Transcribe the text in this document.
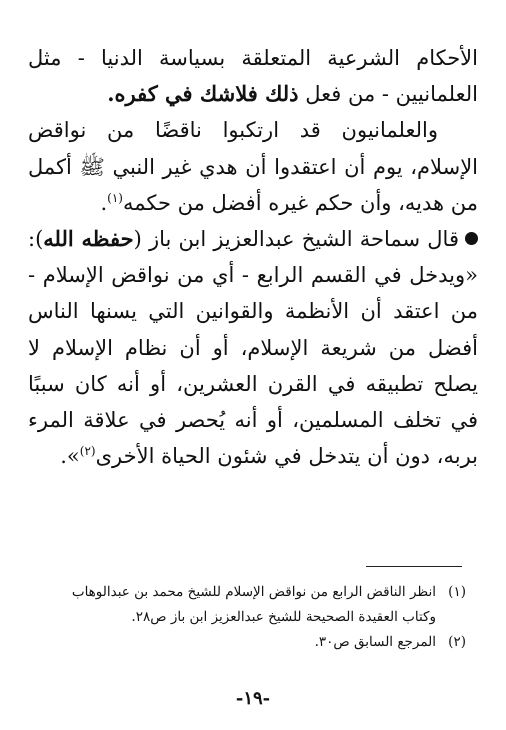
الأحكام الشرعية المتعلقة بسياسة الدنيا - مثل العلمانيين - من فعل ذلك فلاشك في كفره.

والعلمانيون قد ارتكبوا ناقضًا من نواقض الإسلام، يوم أن اعتقدوا أن هدي غير النبي ﷺ أكمل من هديه، وأن حكم غيره أفضل من حكمه$^{(١)}$.

قال سماحة الشيخ عبدالعزيز ابن باز (حفظه الله): «ويدخل في القسم الرابع - أي من نواقض الإسلام - من اعتقد أن الأنظمة والقوانين التي يسنها الناس أفضل من شريعة الإسلام، أو أن نظام الإسلام لا يصلح تطبيقه في القرن العشرين، أو أنه كان سببًا في تخلف المسلمين، أو أنه يُحصر في علاقة المرء بربه، دون أن يتدخل في شئون الحياة الأخرى$^{(٢)}$».

(١)انظر الناقض الرابع من نواقض الإسلام للشيخ محمد بن عبدالوهاب

وكتاب العقيدة الصحيحة للشيخ عبدالعزيز ابن باز ص٢٨.

(٢)المرجع السابق ص٣٠.

-١٩-
